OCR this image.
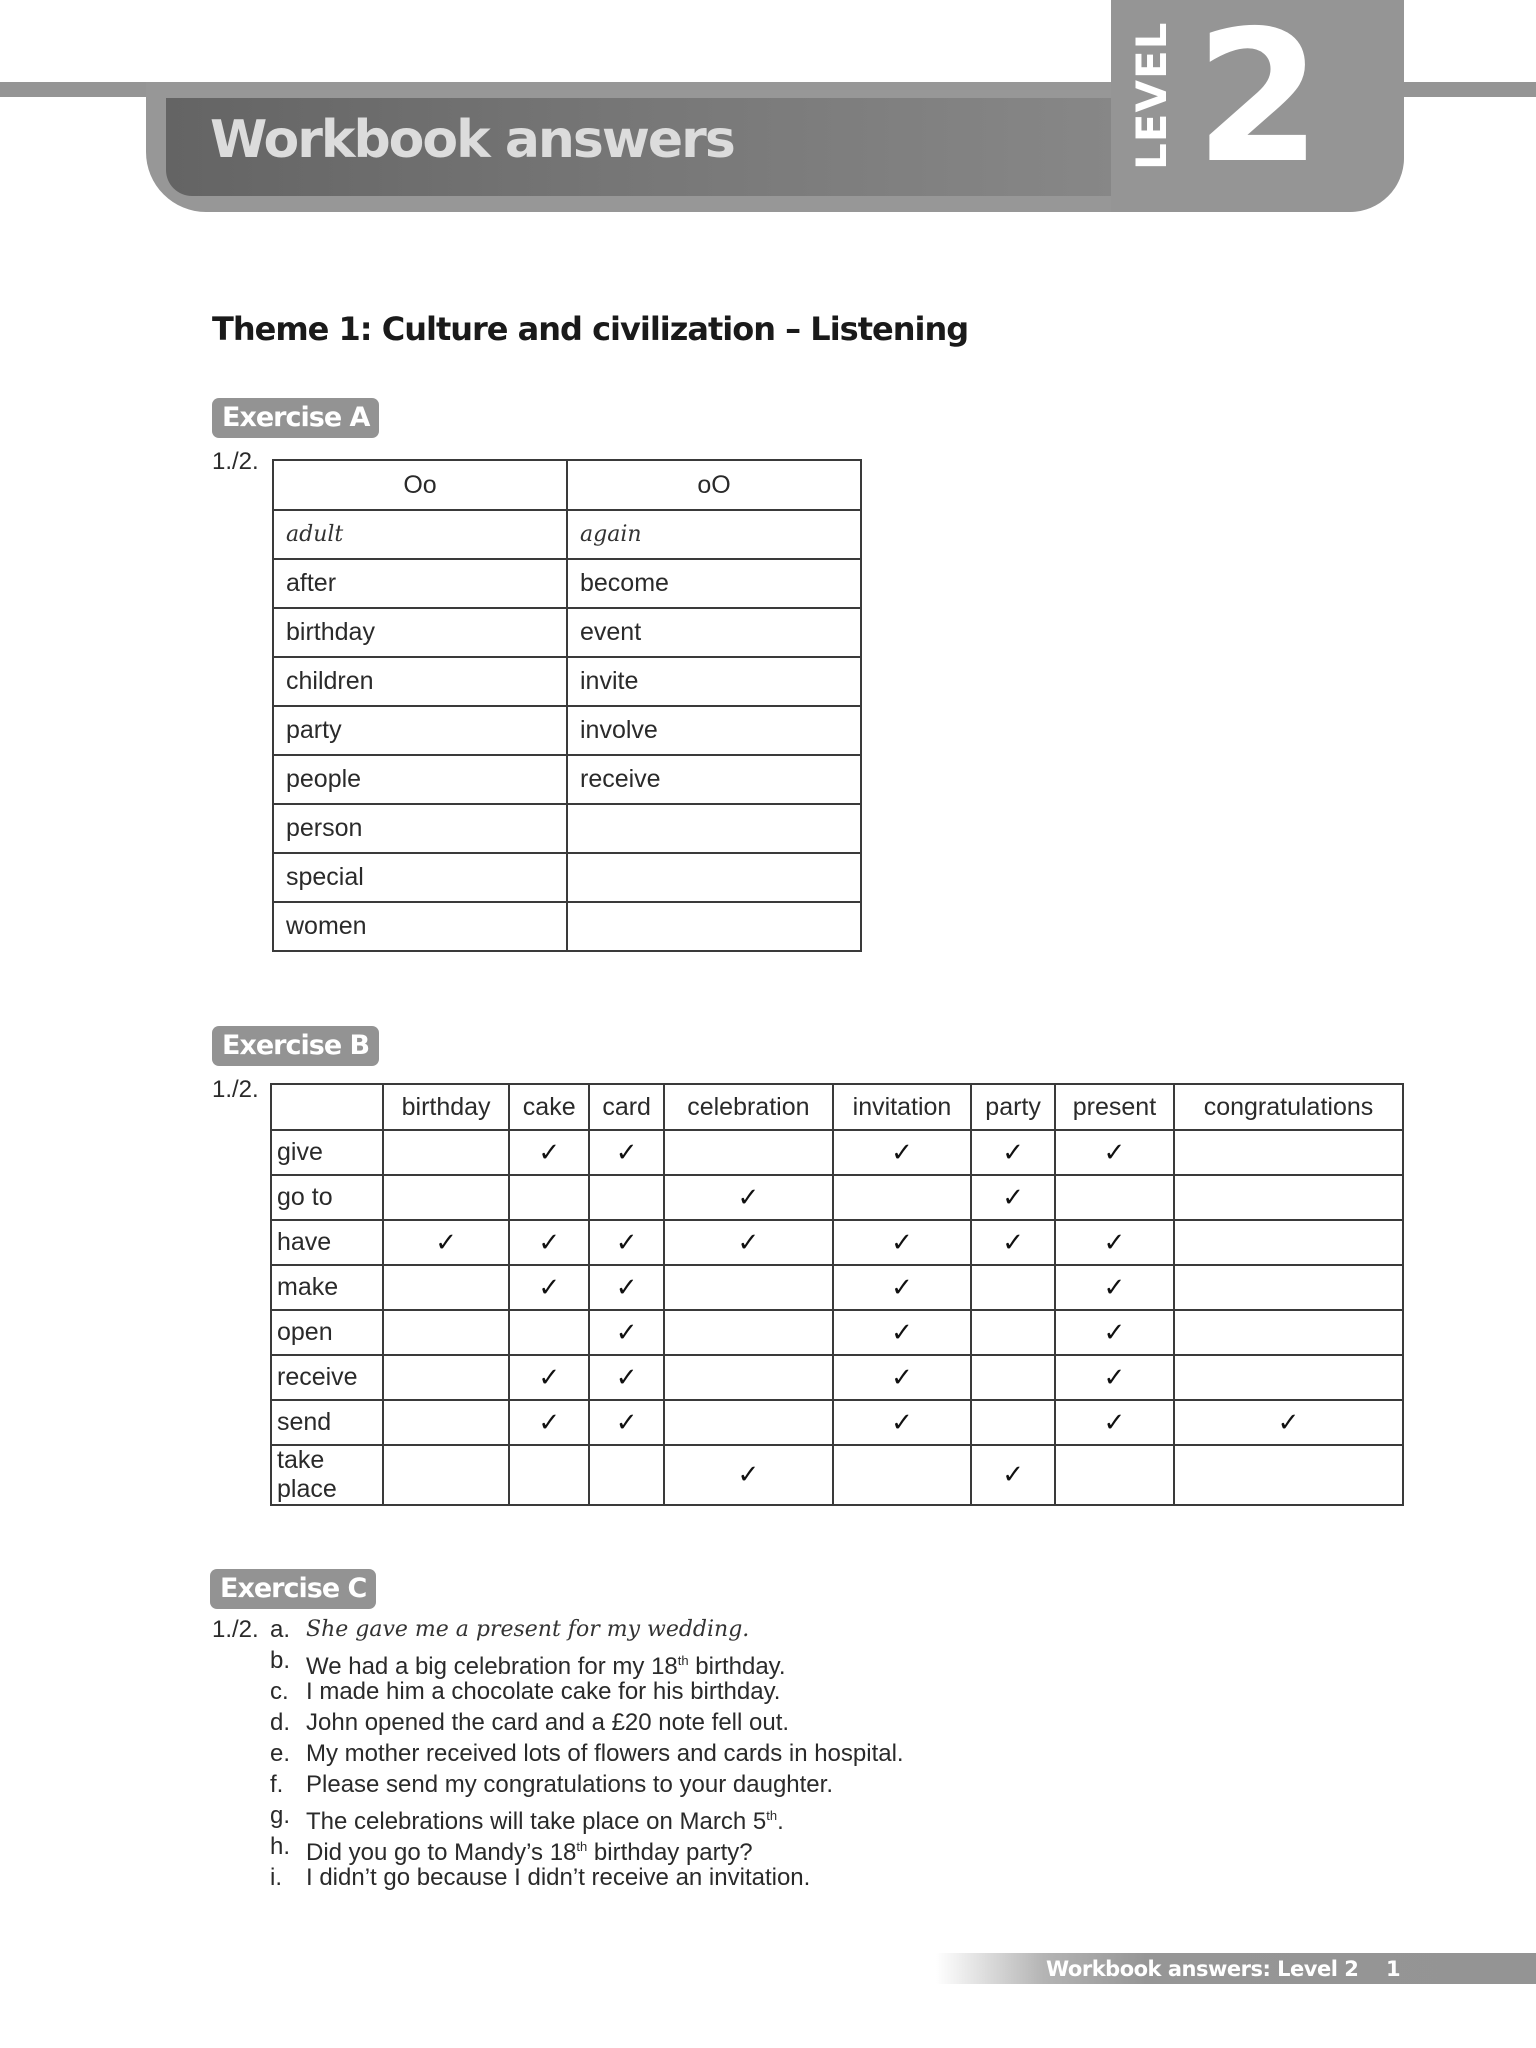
Workbook answers	LEVEL 2
Theme 1: Culture and civilization – Listening
Exercise A
1./2.
Oo	oO
adult	again
after	become
birthday	event
children	invite
party	involve
people	receive
person	
special	
women	
Exercise B
1./2.
	birthday	cake	card	celebration	invitation	party	present	congratulations
give		✓	✓		✓	✓	✓	
go to				✓		✓		
have	✓	✓	✓	✓	✓	✓	✓	
make		✓	✓		✓		✓	
open			✓		✓		✓	
receive		✓	✓		✓		✓	
send		✓	✓		✓		✓	✓
take place				✓		✓		
Exercise C
1./2. a. She gave me a present for my wedding.
b. We had a big celebration for my 18th birthday.
c. I made him a chocolate cake for his birthday.
d. John opened the card and a £20 note fell out.
e. My mother received lots of flowers and cards in hospital.
f. Please send my congratulations to your daughter.
g. The celebrations will take place on March 5th.
h. Did you go to Mandy’s 18th birthday party?
i. I didn’t go because I didn’t receive an invitation.
Workbook answers: Level 2 1
